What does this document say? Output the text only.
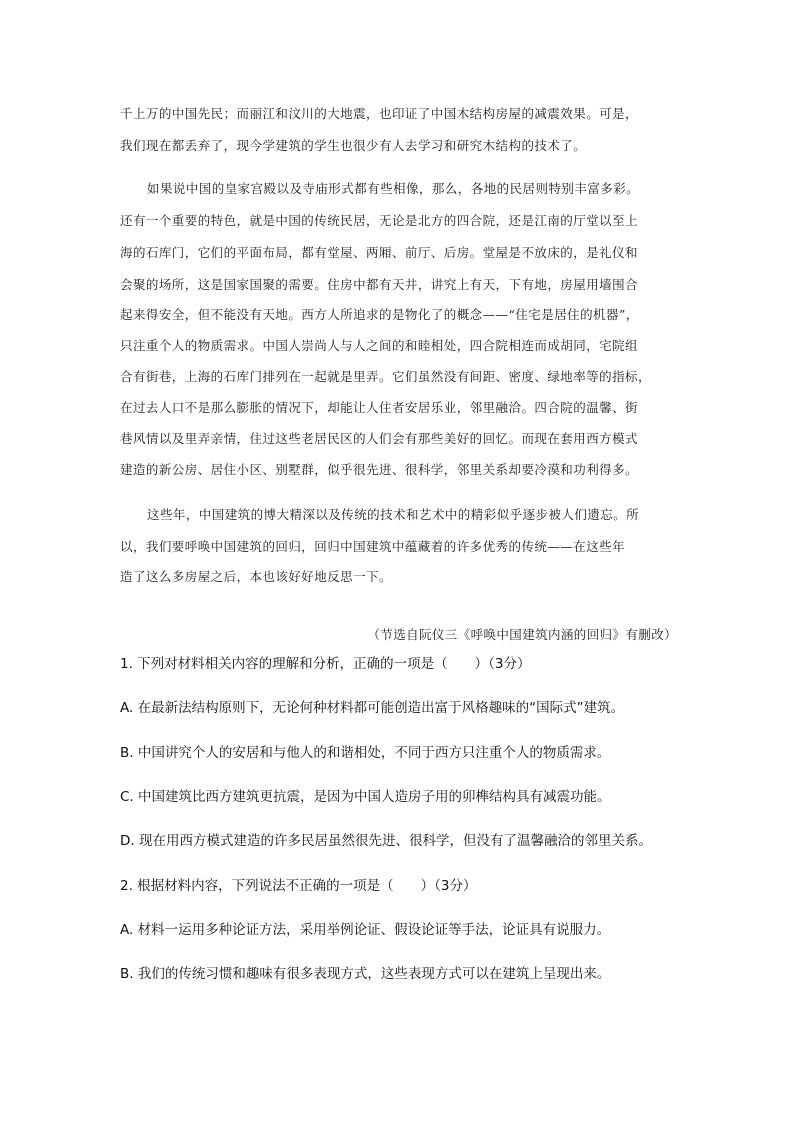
千上万的中国先民；而丽江和汶川的大地震，也印证了中国木结构房屋的减震效果。可是，

我们现在都丢弃了，现今学建筑的学生也很少有人去学习和研究木结构的技术了。

如果说中国的皇家宫殿以及寺庙形式都有些相像，那么，各地的民居则特别丰富多彩。

还有一个重要的特色，就是中国的传统民居，无论是北方的四合院，还是江南的厅堂以至上

海的石库门，它们的平面布局，都有堂屋、两厢、前厅、后房。堂屋是不放床的，是礼仪和

会聚的场所，这是国家国聚的需要。住房中都有天井，讲究上有天，下有地，房屋用墙围合

起来得安全，但不能没有天地。西方人所追求的是物化了的概念——“住宅是居住的机器”，

只注重个人的物质需求。中国人崇尚人与人之间的和睦相处，四合院相连而成胡同，宅院组

合有街巷，上海的石库门排列在一起就是里弄。它们虽然没有间距、密度、绿地率等的指标，

在过去人口不是那么膨胀的情况下，却能让人住者安居乐业，邻里融洽。四合院的温馨、街

巷风情以及里弄亲情，住过这些老居民区的人们会有那些美好的回忆。而现在套用西方模式

建造的新公房、居住小区、别墅群，似乎很先进、很科学，邻里关系却要冷漠和功利得多。

这些年，中国建筑的博大精深以及传统的技术和艺术中的精彩似乎逐步被人们遗忘。所

以，我们要呼唤中国建筑的回归，回归中国建筑中蕴藏着的许多优秀的传统——在这些年

造了这么多房屋之后，本也该好好地反思一下。

（节选自阮仪三《呼唤中国建筑内涵的回归》有删改）

1. 下列对材料相关内容的理解和分析，正确的一项是（　　）（3分）

A. 在最新法结构原则下，无论何种材料都可能创造出富于风格趣味的“国际式”建筑。

B. 中国讲究个人的安居和与他人的和谐相处，不同于西方只注重个人的物质需求。

C. 中国建筑比西方建筑更抗震，是因为中国人造房子用的卯榫结构具有减震功能。

D. 现在用西方模式建造的许多民居虽然很先进、很科学，但没有了温馨融洽的邻里关系。

2. 根据材料内容，下列说法不正确的一项是（　　）（3分）

A. 材料一运用多种论证方法，采用举例论证、假设论证等手法，论证具有说服力。

B. 我们的传统习惯和趣味有很多表现方式，这些表现方式可以在建筑上呈现出来。
